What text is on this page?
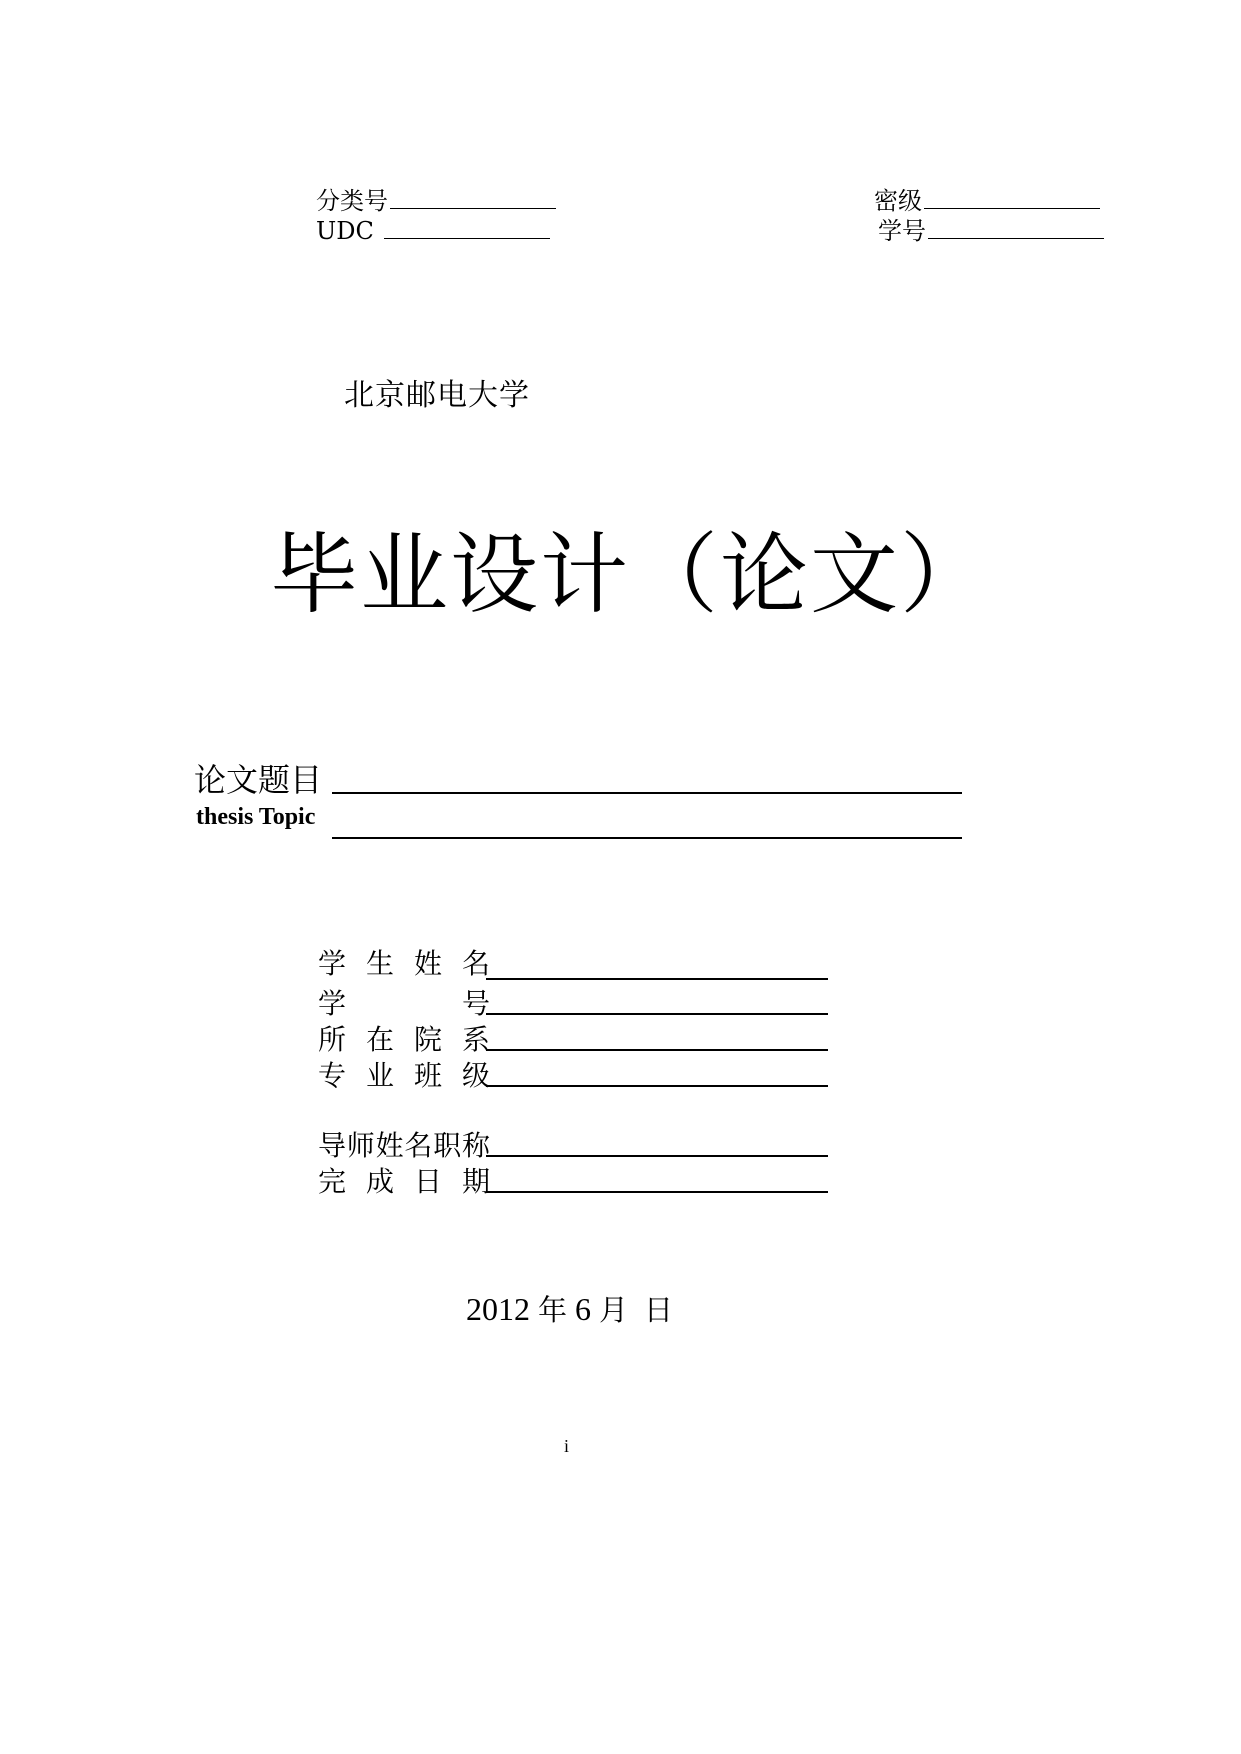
分类号
UDC
密级
学号
北京邮电大学
毕业设计（论文）
论文题目
thesis Topic
学 生 姓 名
学	号
所 在 院 系
专 业 班 级
导 师 姓 名 职 称
完 成 日 期
2012 年 6 月 日
i
